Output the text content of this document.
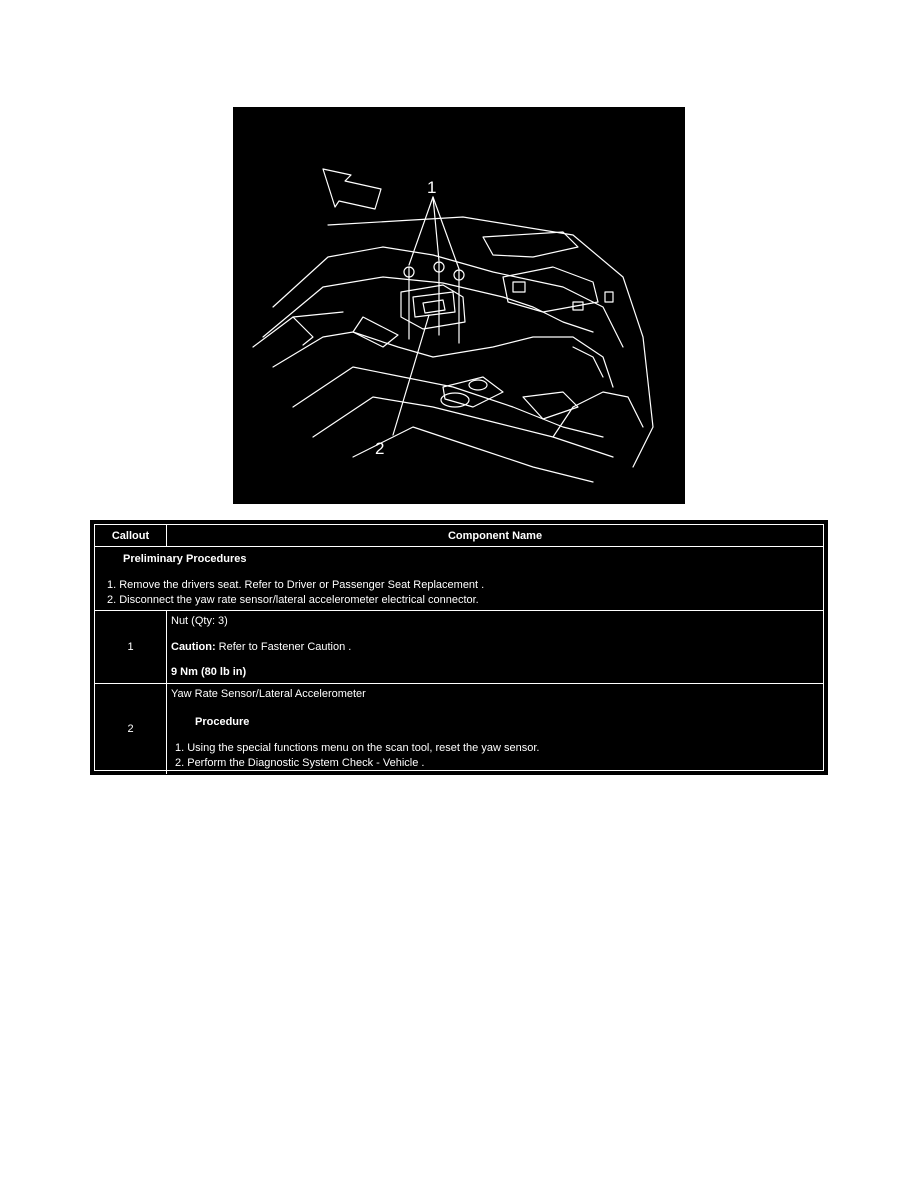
1
2
Callout	Component Name
Preliminary Procedures
1. Remove the drivers seat. Refer to Driver or Passenger Seat Replacement .
2. Disconnect the yaw rate sensor/lateral accelerometer electrical connector.
1
Nut (Qty: 3)
Caution: Refer to Fastener Caution .
9 Nm (80 lb in)
2
Yaw Rate Sensor/Lateral Accelerometer
Procedure
1. Using the special functions menu on the scan tool, reset the yaw sensor.
2. Perform the Diagnostic System Check - Vehicle .
